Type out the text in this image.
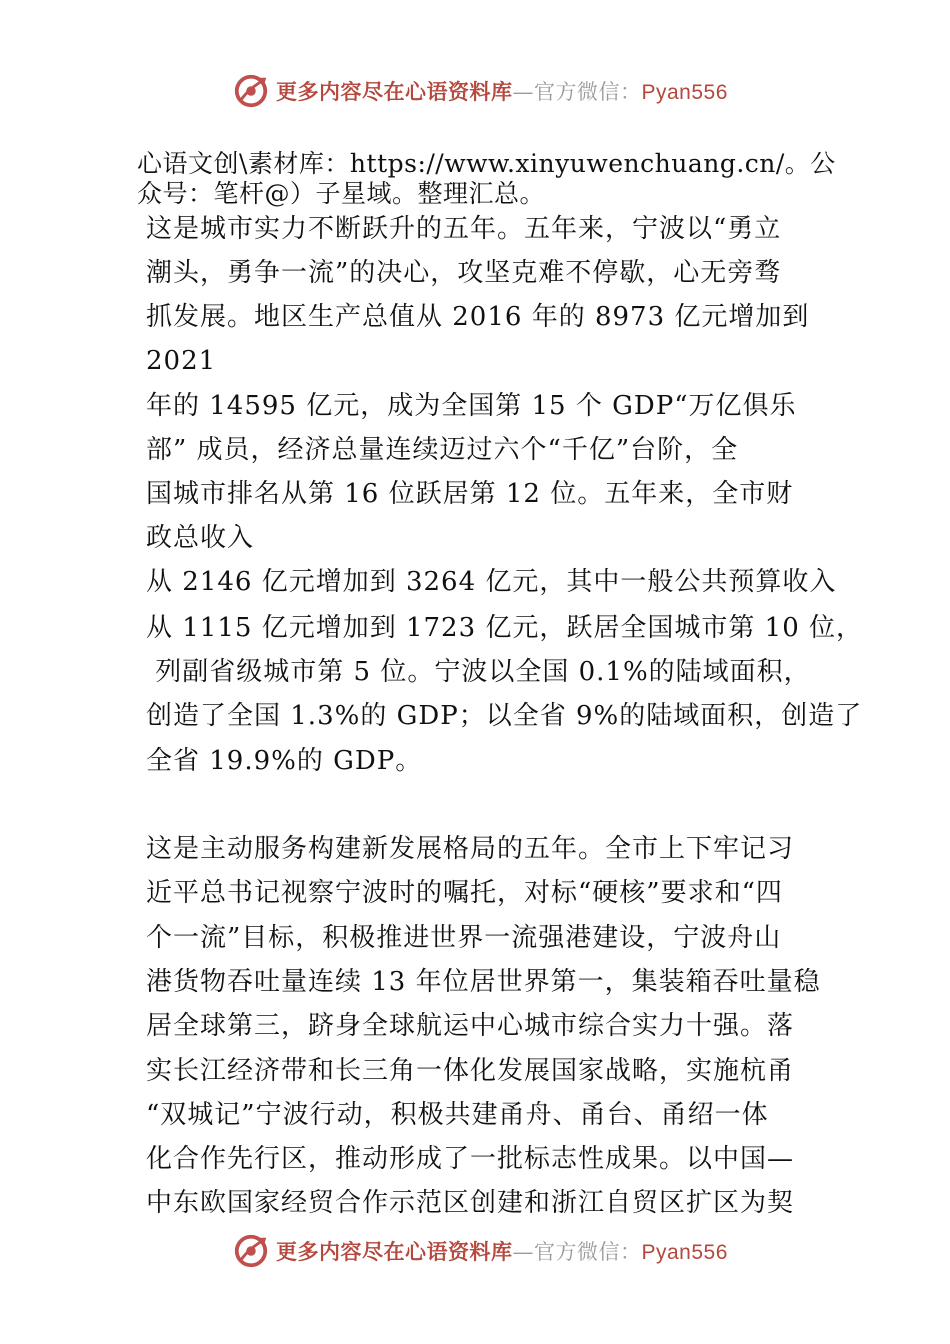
更多内容尽在心语资料库—官方微信：Pyan556
心语文创\素材库：https://www.xinyuwenchuang.cn/。公
众号：笔杆@）子星域。整理汇总。
这是城市实力不断跃升的五年。五年来，宁波以“勇立
潮头，勇争一流”的决心，攻坚克难不停歇，心无旁骛
抓发展。地区生产总值从 2016 年的 8973 亿元增加到
2021
年的 14595 亿元，成为全国第 15 个 GDP“万亿俱乐
部” 成员，经济总量连续迈过六个“千亿”台阶，全
国城市排名从第 16 位跃居第 12 位。五年来，全市财
政总收入
从 2146 亿元增加到 3264 亿元，其中一般公共预算收入
从 1115 亿元增加到 1723 亿元，跃居全国城市第 10 位，
列副省级城市第 5 位。宁波以全国 0.1%的陆域面积，
创造了全国 1.3%的 GDP；以全省 9%的陆域面积，创造了
全省 19.9%的 GDP。
这是主动服务构建新发展格局的五年。全市上下牢记习
近平总书记视察宁波时的嘱托，对标“硬核”要求和“四
个一流”目标，积极推进世界一流强港建设，宁波舟山
港货物吞吐量连续 13 年位居世界第一，集装箱吞吐量稳
居全球第三，跻身全球航运中心城市综合实力十强。落
实长江经济带和长三角一体化发展国家战略，实施杭甬
“双城记”宁波行动，积极共建甬舟、甬台、甬绍一体
化合作先行区，推动形成了一批标志性成果。以中国—
中东欧国家经贸合作示范区创建和浙江自贸区扩区为契
更多内容尽在心语资料库—官方微信：Pyan556
